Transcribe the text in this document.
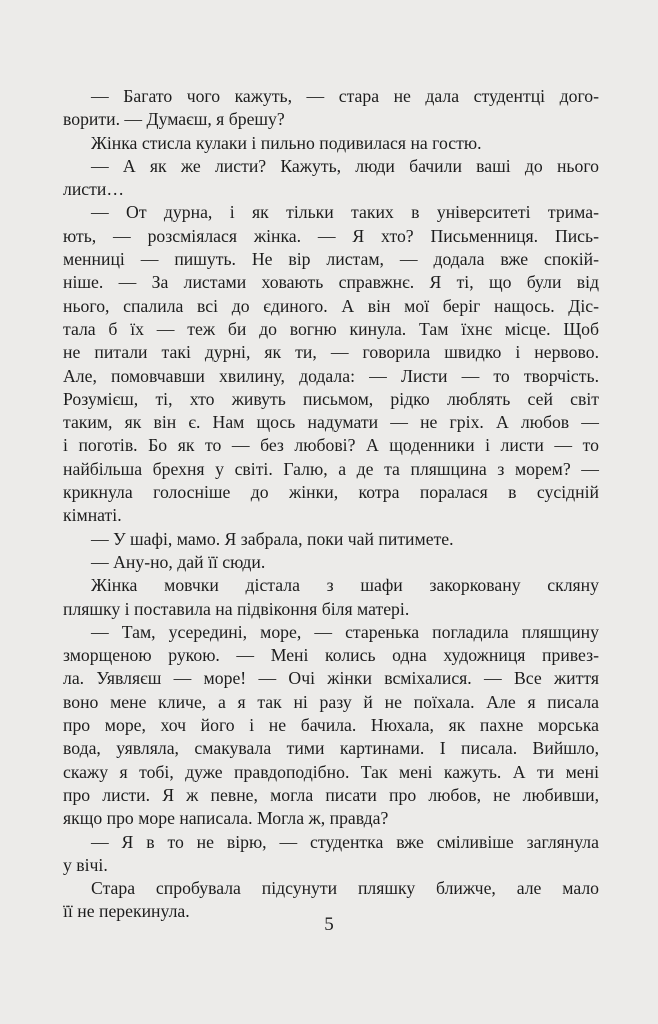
— Багато чого кажуть, — стара не дала студентці дого-
ворити. — Думаєш, я брешу?
Жінка стисла кулаки і пильно подивилася на гостю.
— А як же листи? Кажуть, люди бачили ваші до нього
листи…
— От дурна, і як тільки таких в університеті трима-
ють, — розсміялася жінка. — Я хто? Письменниця. Пись-
менниці — пишуть. Не вір листам, — додала вже спокій-
ніше. — За листами ховають справжнє. Я ті, що були від
нього, спалила всі до єдиного. А він мої беріг нащось. Діс-
тала б їх — теж би до вогню кинула. Там їхнє місце. Щоб
не питали такі дурні, як ти, — говорила швидко і нервово.
Але, помовчавши хвилину, додала: — Листи — то творчість.
Розумієш, ті, хто живуть письмом, рідко люблять сей світ
таким, як він є. Нам щось надумати — не гріх. А любов —
і поготів. Бо як то — без любові? А щоденники і листи — то
найбільша брехня у світі. Галю, а де та пляшцина з морем? —
крикнула голосніше до жінки, котра поралася в сусідній
кімнаті.
— У шафі, мамо. Я забрала, поки чай питимете.
— Ану-но, дай її сюди.
Жінка мовчки дістала з шафи закорковану скляну
пляшку і поставила на підвіконня біля матері.
— Там, усередині, море, — старенька погладила пляшцину
зморщеною рукою. — Мені колись одна художниця привез-
ла. Уявляєш — море! — Очі жінки всміхалися. — Все життя
воно мене кличе, а я так ні разу й не поїхала. Але я писала
про море, хоч його і не бачила. Нюхала, як пахне морська
вода, уявляла, смакувала тими картинами. І писала. Вийшло,
скажу я тобі, дуже правдоподібно. Так мені кажуть. А ти мені
про листи. Я ж певне, могла писати про любов, не любивши,
якщо про море написала. Могла ж, правда?
— Я в то не вірю, — студентка вже сміливіше заглянула
у вічі.
Стара спробувала підсунути пляшку ближче, але мало
її не перекинула.
5
